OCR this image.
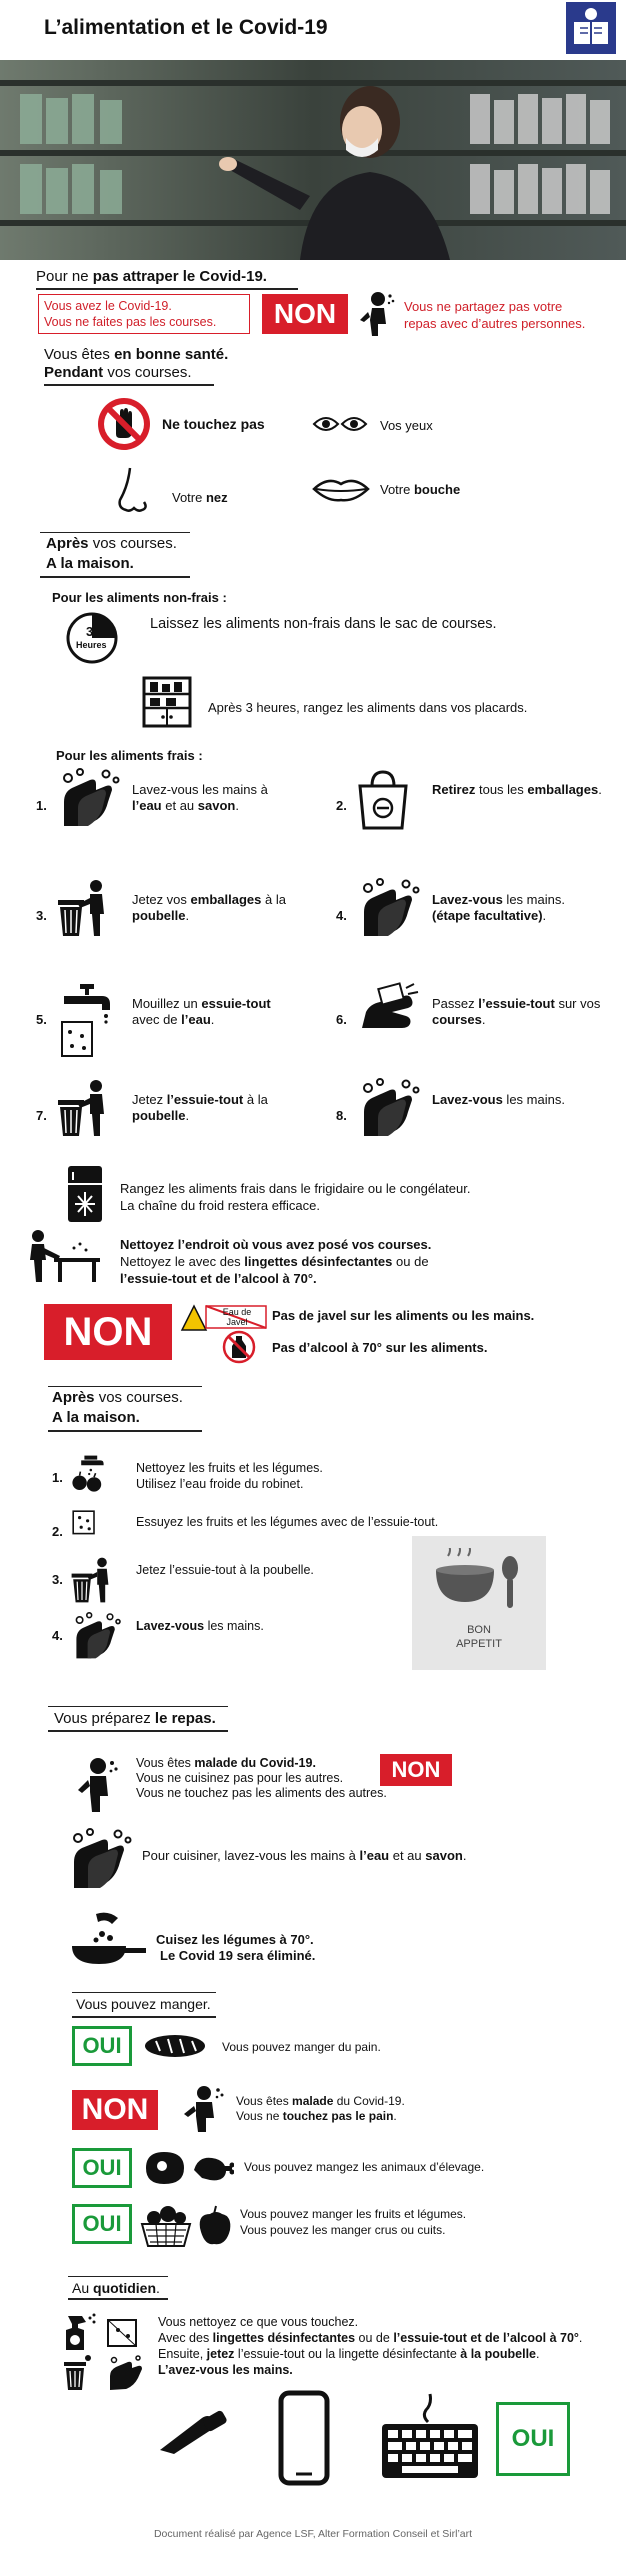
L’alimentation et le Covid-19
Pour ne pas attraper le Covid-19.
Vous avez le Covid-19.
Vous ne faites pas les courses.	NON	Vous ne partagez pas votre
repas avec d’autres personnes.
Vous êtes en bonne santé.
Pendant vos courses.
Ne touchez pas	Vos yeux
Votre nez
Votre bouche
Après vos courses.
A la maison.
Pour les aliments non-frais :
3
Heures
Laissez les aliments non-frais dans le sac de courses.
Après 3 heures, rangez les aliments dans vos placards.
Pour les aliments frais :
1.
Lavez-vous les mains à l’eau et au savon.	2.
Retirez tous les emballages.
3.
Jetez vos emballages à la poubelle.	4.
Lavez-vous les mains.(étape facultative).
5.
Mouillez un essuie-tout avec de l’eau.	6.
Passez l’essuie-tout sur vos courses.
7.
Jetez l’essuie-tout à la poubelle.	8.
Lavez-vous les mains.
Rangez les aliments frais dans le frigidaire ou le congélateur.
La chaîne du froid restera efficace.
Nettoyez l’endroit où vous avez posé vos courses.
Nettoyez le avec des lingettes désinfectantes ou de
l’essuie-tout et de l’alcool à 70°.
NON	Eau de Javel	Pas de javel sur les aliments ou les mains.
Pas d’alcool à 70° sur les aliments.
Après vos courses.
A la maison.
1.
Nettoyez les fruits et les légumes.
Utilisez l’eau froide du robinet.
2.
Essuyez les fruits et les légumes avec de l’essuie-tout.
3.
Jetez l’essuie-tout à la poubelle.
4.
Lavez-vous les mains.	BON
APPETIT
Vous préparez le repas.
Vous êtes malade du Covid-19.
Vous ne cuisinez pas pour les autres.
Vous ne touchez pas les aliments des autres.
NON
Pour cuisiner, lavez-vous les mains à l’eau et au savon.
Cuisez les légumes à 70°.
Le Covid 19 sera éliminé.
Vous pouvez manger.
OUI	Vous pouvez manger du pain.
NON	Vous êtes malade du Covid-19.
Vous ne touchez pas le pain.
OUI	Vous pouvez mangez les animaux d’élevage.
OUI	Vous pouvez manger les fruits et légumes.
Vous pouvez les manger crus ou cuits.
Au quotidien.
Vous nettoyez ce que vous touchez.
Avec des lingettes désinfectantes ou de l’essuie-tout et de l’alcool à 70°.
Ensuite, jetez l’essuie-tout ou la lingette désinfectante à la poubelle.
L’avez-vous les mains.
OUI
Document réalisé par Agence LSF, Alter Formation Conseil et Sirl’art
